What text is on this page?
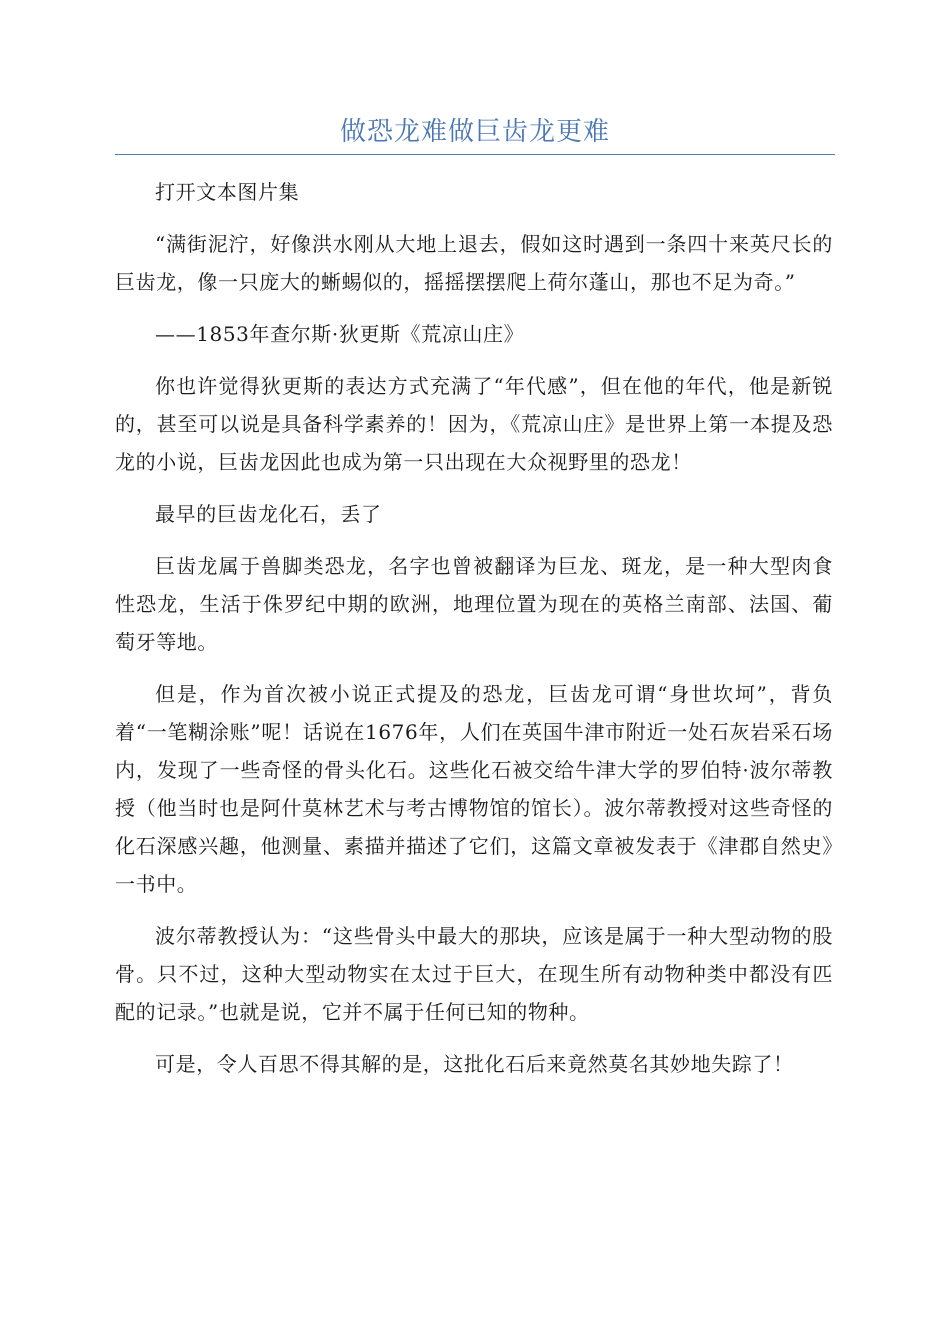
做恐龙难做巨齿龙更难

打开文本图片集

“满街泥泞，好像洪水刚从大地上退去，假如这时遇到一条四十来英尺长的巨齿龙，像一只庞大的蜥蜴似的，摇摇摆摆爬上荷尔蓬山，那也不足为奇。”

——1853年查尔斯·狄更斯《荒凉山庄》

你也许觉得狄更斯的表达方式充满了“年代感”，但在他的年代，他是新锐的，甚至可以说是具备科学素养的！因为，《荒凉山庄》是世界上第一本提及恐龙的小说，巨齿龙因此也成为第一只出现在大众视野里的恐龙！

最早的巨齿龙化石，丢了

巨齿龙属于兽脚类恐龙，名字也曾被翻译为巨龙、斑龙，是一种大型肉食性恐龙，生活于侏罗纪中期的欧洲，地理位置为现在的英格兰南部、法国、葡萄牙等地。

但是，作为首次被小说正式提及的恐龙，巨齿龙可谓“身世坎坷”，背负着“一笔糊涂账”呢！话说在1676年，人们在英国牛津市附近一处石灰岩采石场内，发现了一些奇怪的骨头化石。这些化石被交给牛津大学的罗伯特·波尔蒂教授（他当时也是阿什莫林艺术与考古博物馆的馆长）。波尔蒂教授对这些奇怪的化石深感兴趣，他测量、素描并描述了它们，这篇文章被发表于《津郡自然史》一书中。

波尔蒂教授认为：“这些骨头中最大的那块，应该是属于一种大型动物的股骨。只不过，这种大型动物实在太过于巨大，在现生所有动物种类中都没有匹配的记录。”也就是说，它并不属于任何已知的物种。

可是，令人百思不得其解的是，这批化石后来竟然莫名其妙地失踪了！
